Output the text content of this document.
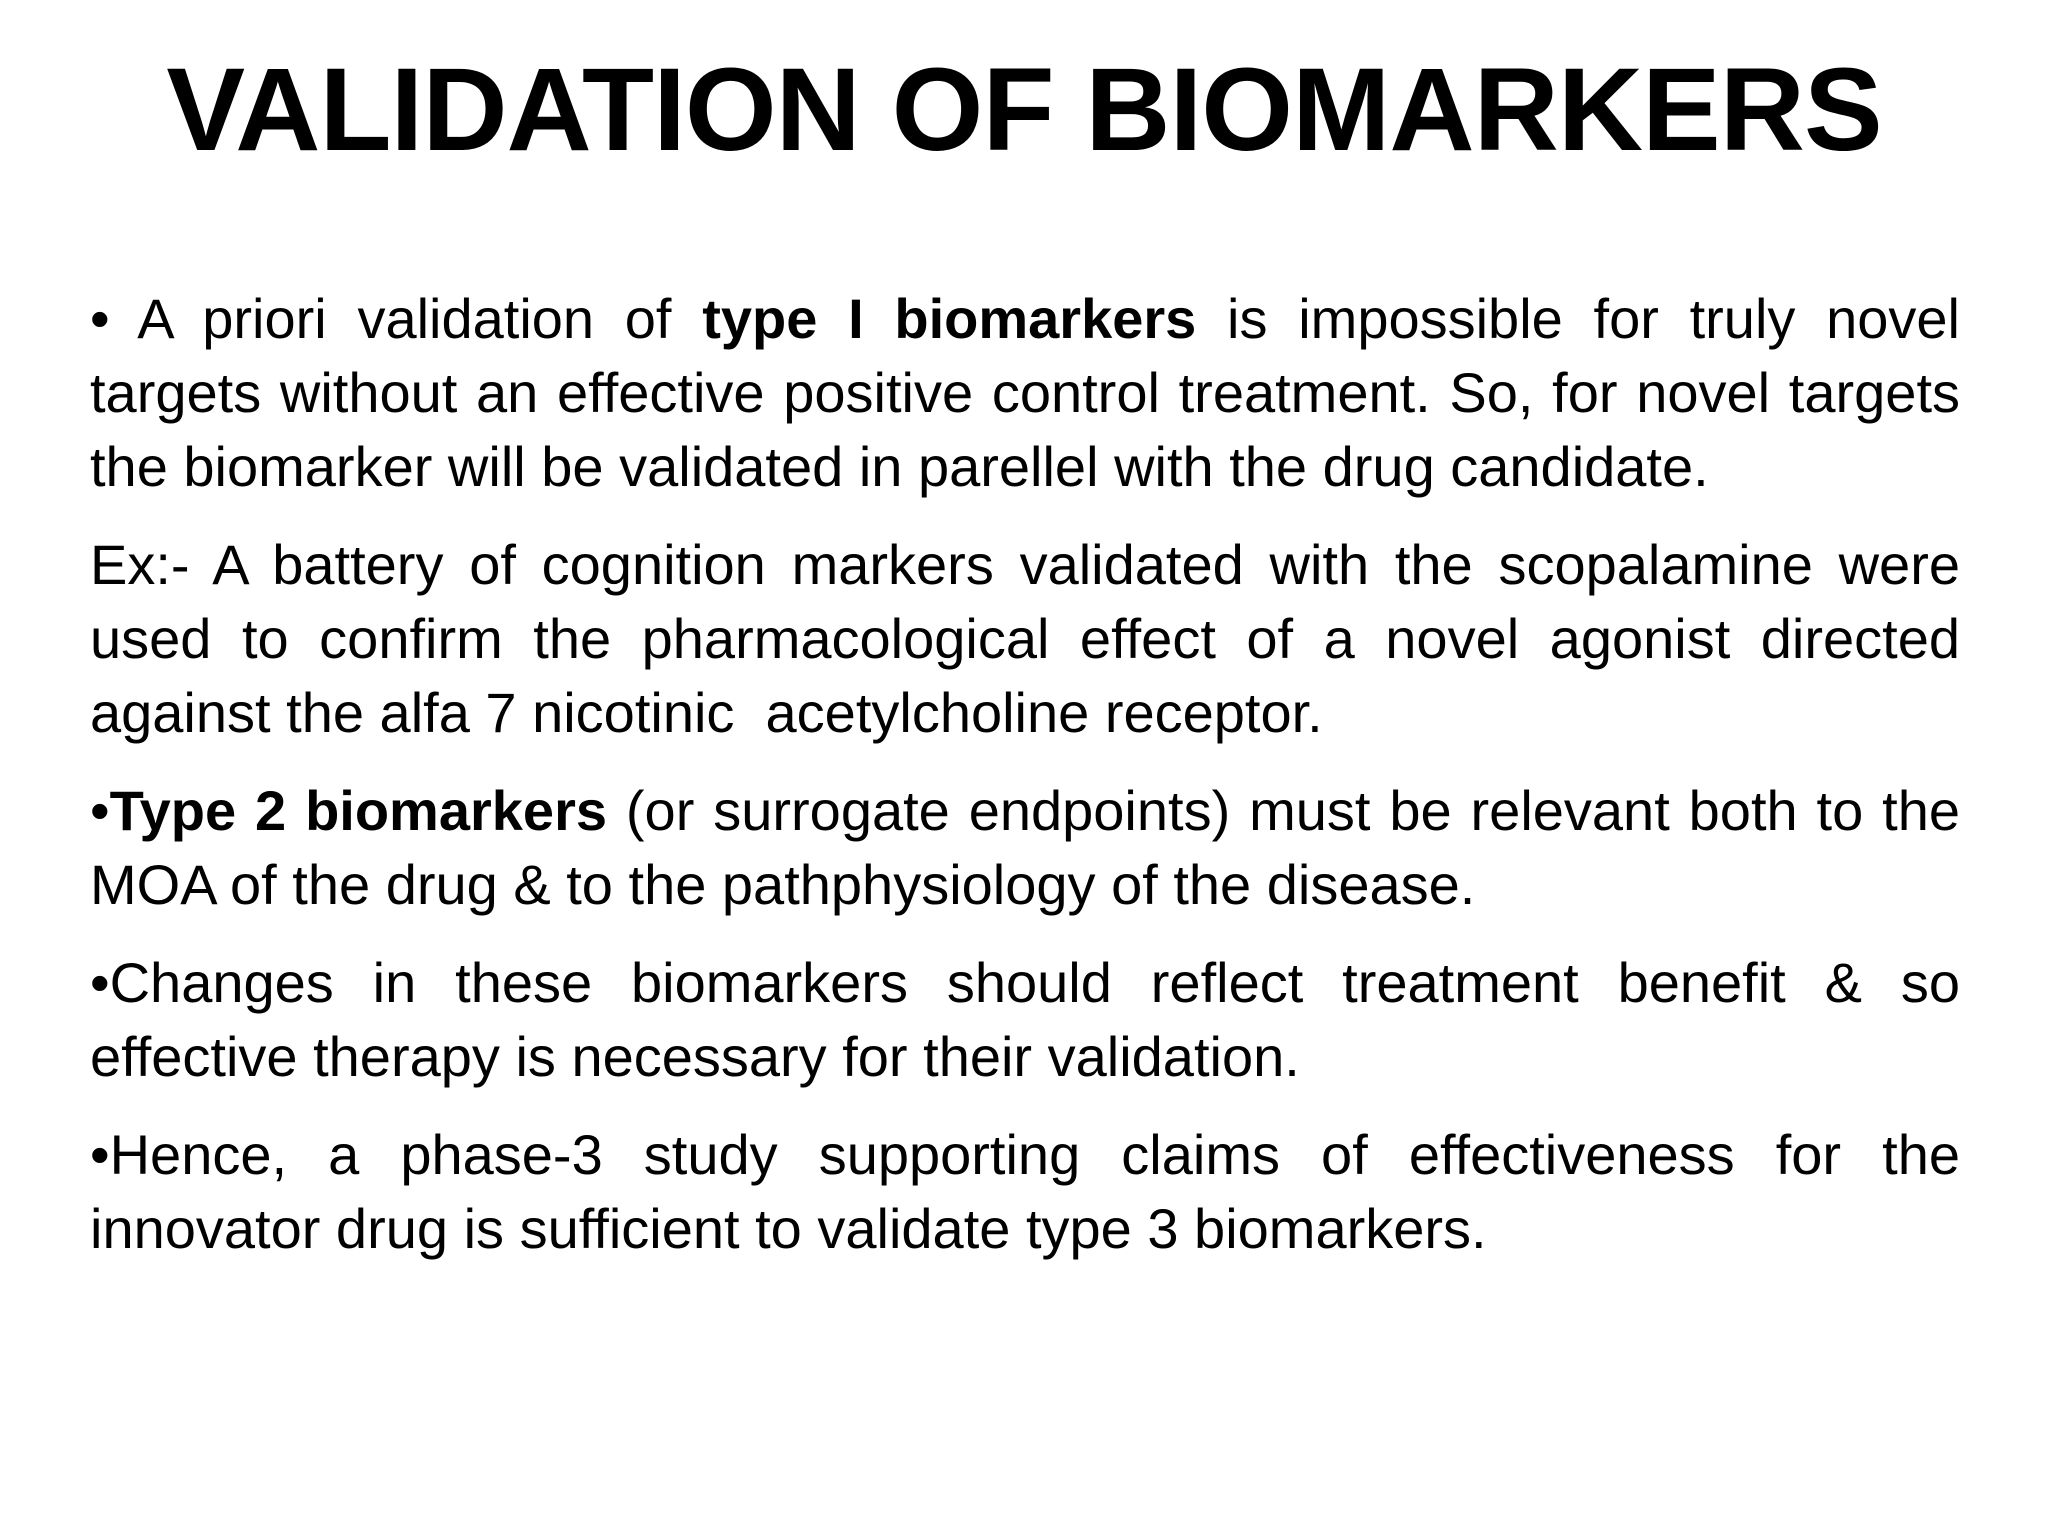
VALIDATION OF BIOMARKERS

• A priori validation of type I biomarkers is impossible for truly novel targets without an effective positive control treatment. So, for novel targets the biomarker will be validated in parellel with the drug candidate.

Ex:- A battery of cognition markers validated with the scopalamine were used to confirm the pharmacological effect of a novel agonist directed against the alfa 7 nicotinic  acetylcholine receptor.

•Type 2 biomarkers (or surrogate endpoints) must be relevant both to the MOA of the drug & to the pathphysiology of the disease.

•Changes in these biomarkers should reflect treatment benefit & so effective therapy is necessary for their validation.

•Hence, a phase-3 study supporting claims of effectiveness for the innovator drug is sufficient to validate type 3 biomarkers.
